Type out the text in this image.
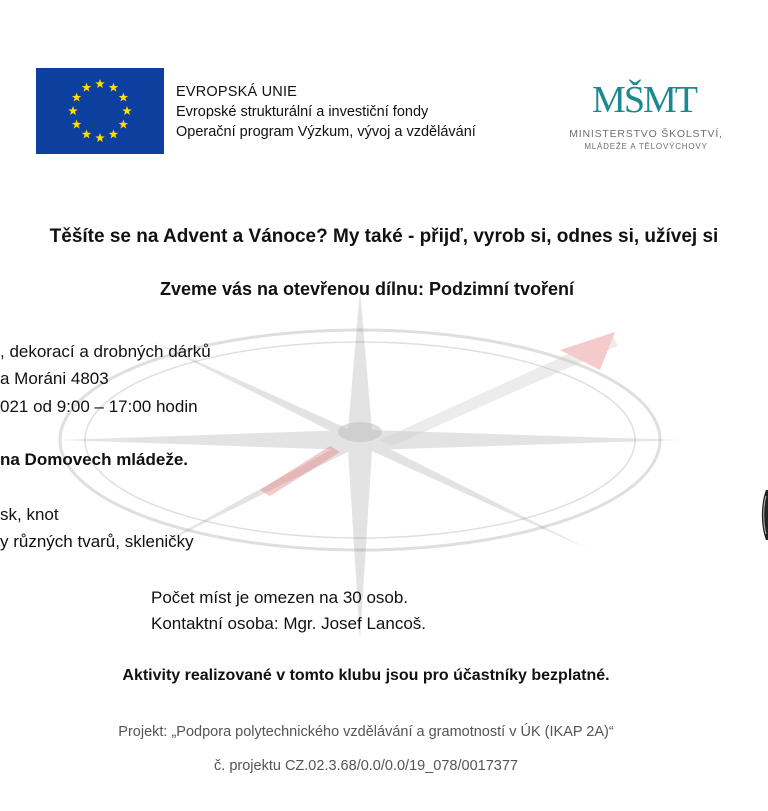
EVROPSKÁ UNIE
Evropské strukturální a investiční fondy
Operační program Výzkum, vývoj a vzdělávání
MŠMT
MINISTERSTVO ŠKOLSTVÍ,
MLÁDEŽE A TĚLOVÝCHOVY
Těšíte se na Advent a Vánoce? My také - přijď, vyrob si, odnes si, užívej si
Zveme vás na otevřenou dílnu: Podzimní tvoření
, dekorací a drobných dárků
a Moráni 4803
021 od 9:00 – 17:00 hodin
na Domovech mládeže.
sk, knot
y různých tvarů, skleničky
Počet míst je omezen na 30 osob.
Kontaktní osoba: Mgr. Josef Lancoš.
Aktivity realizované v tomto klubu jsou pro účastníky bezplatné.
Projekt: „Podpora polytechnického vzdělávání a gramotností v ÚK (IKAP 2A)“
č. projektu CZ.02.3.68/0.0/0.0/19_078/0017377
